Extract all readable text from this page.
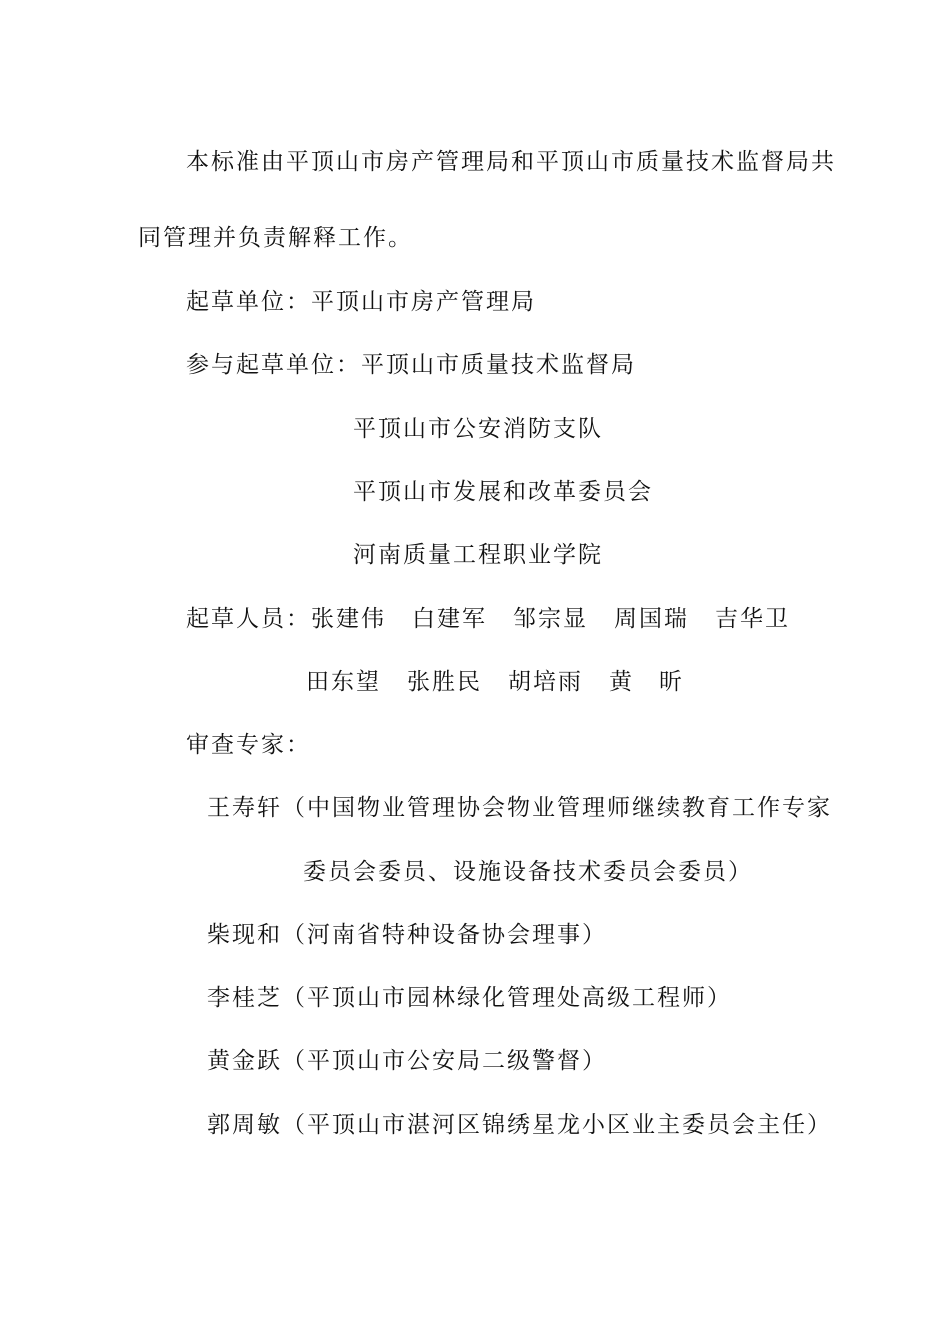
本标准由平顶山市房产管理局和平顶山市质量技术监督局共
同管理并负责解释工作。
起草单位：平顶山市房产管理局
参与起草单位：平顶山市质量技术监督局
平顶山市公安消防支队
平顶山市发展和改革委员会
河南质量工程职业学院
起草人员：张建伟 白建军 邹宗显 周国瑞 吉华卫
田东望 张胜民 胡培雨 黄　昕
审查专家：
王寿轩（中国物业管理协会物业管理师继续教育工作专家
委员会委员、设施设备技术委员会委员）
柴现和（河南省特种设备协会理事）
李桂芝（平顶山市园林绿化管理处高级工程师）
黄金跃（平顶山市公安局二级警督）
郭周敏（平顶山市湛河区锦绣星龙小区业主委员会主任）
